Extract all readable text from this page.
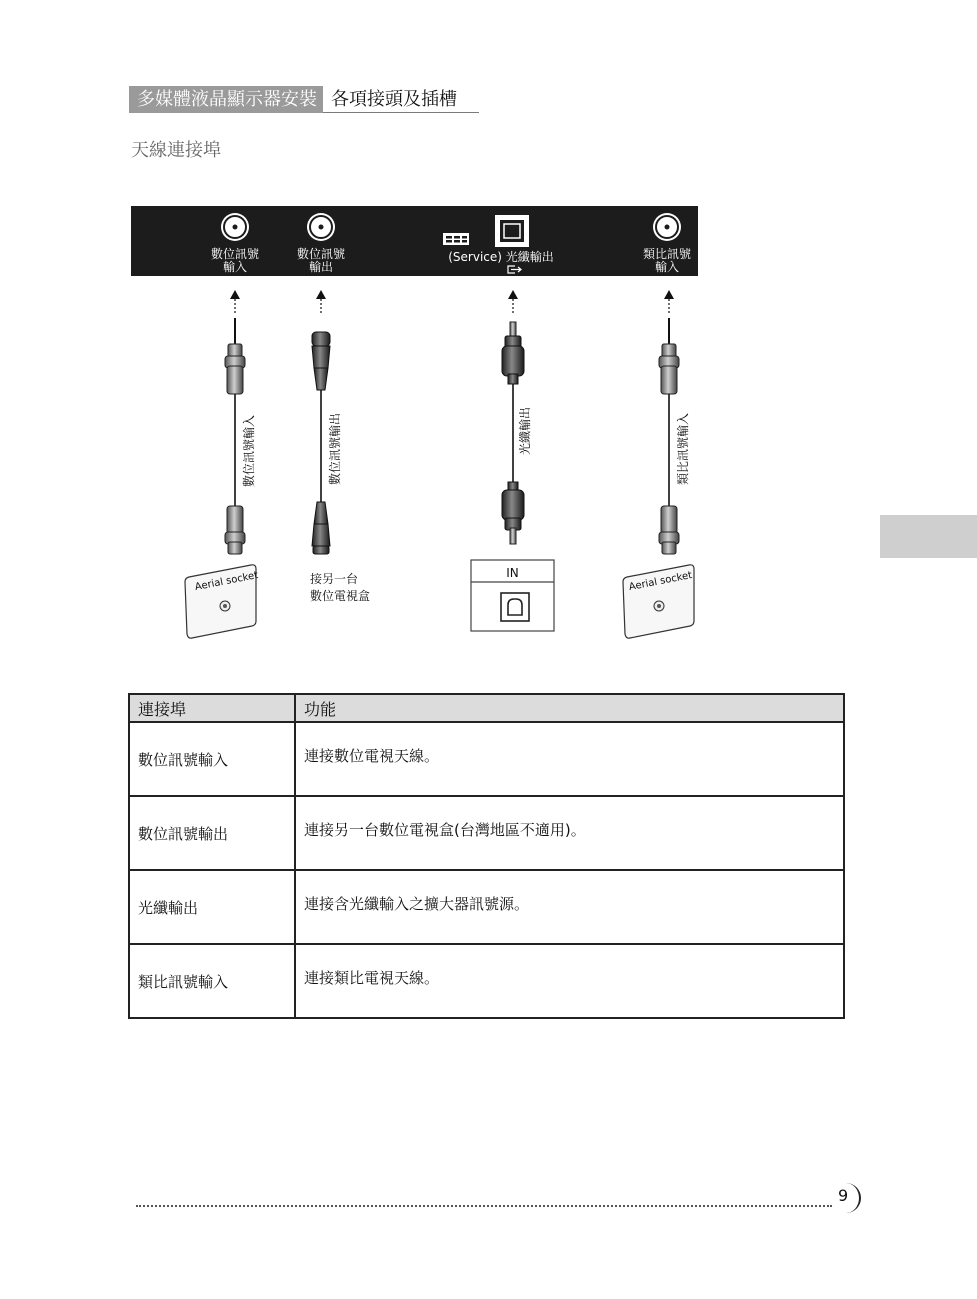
多媒體液晶顯示器安裝 各項接頭及插槽
天線連接埠
數位訊號
輸入
數位訊號
輸出
(Service) 光纖輸出	類比訊號
輸入
數位訊號輸入	數位訊號輸出	光纖輸出	類比訊號輸入
Aerial socket	Aerial socket
接另一台
數位電視盒
IN
連接埠	功能
數位訊號輸入	連接數位電視天線。
數位訊號輸出	連接另一台數位電視盒(台灣地區不適用)。
光纖輸出	連接含光纖輸入之擴大器訊號源。
類比訊號輸入	連接類比電視天線。
9
